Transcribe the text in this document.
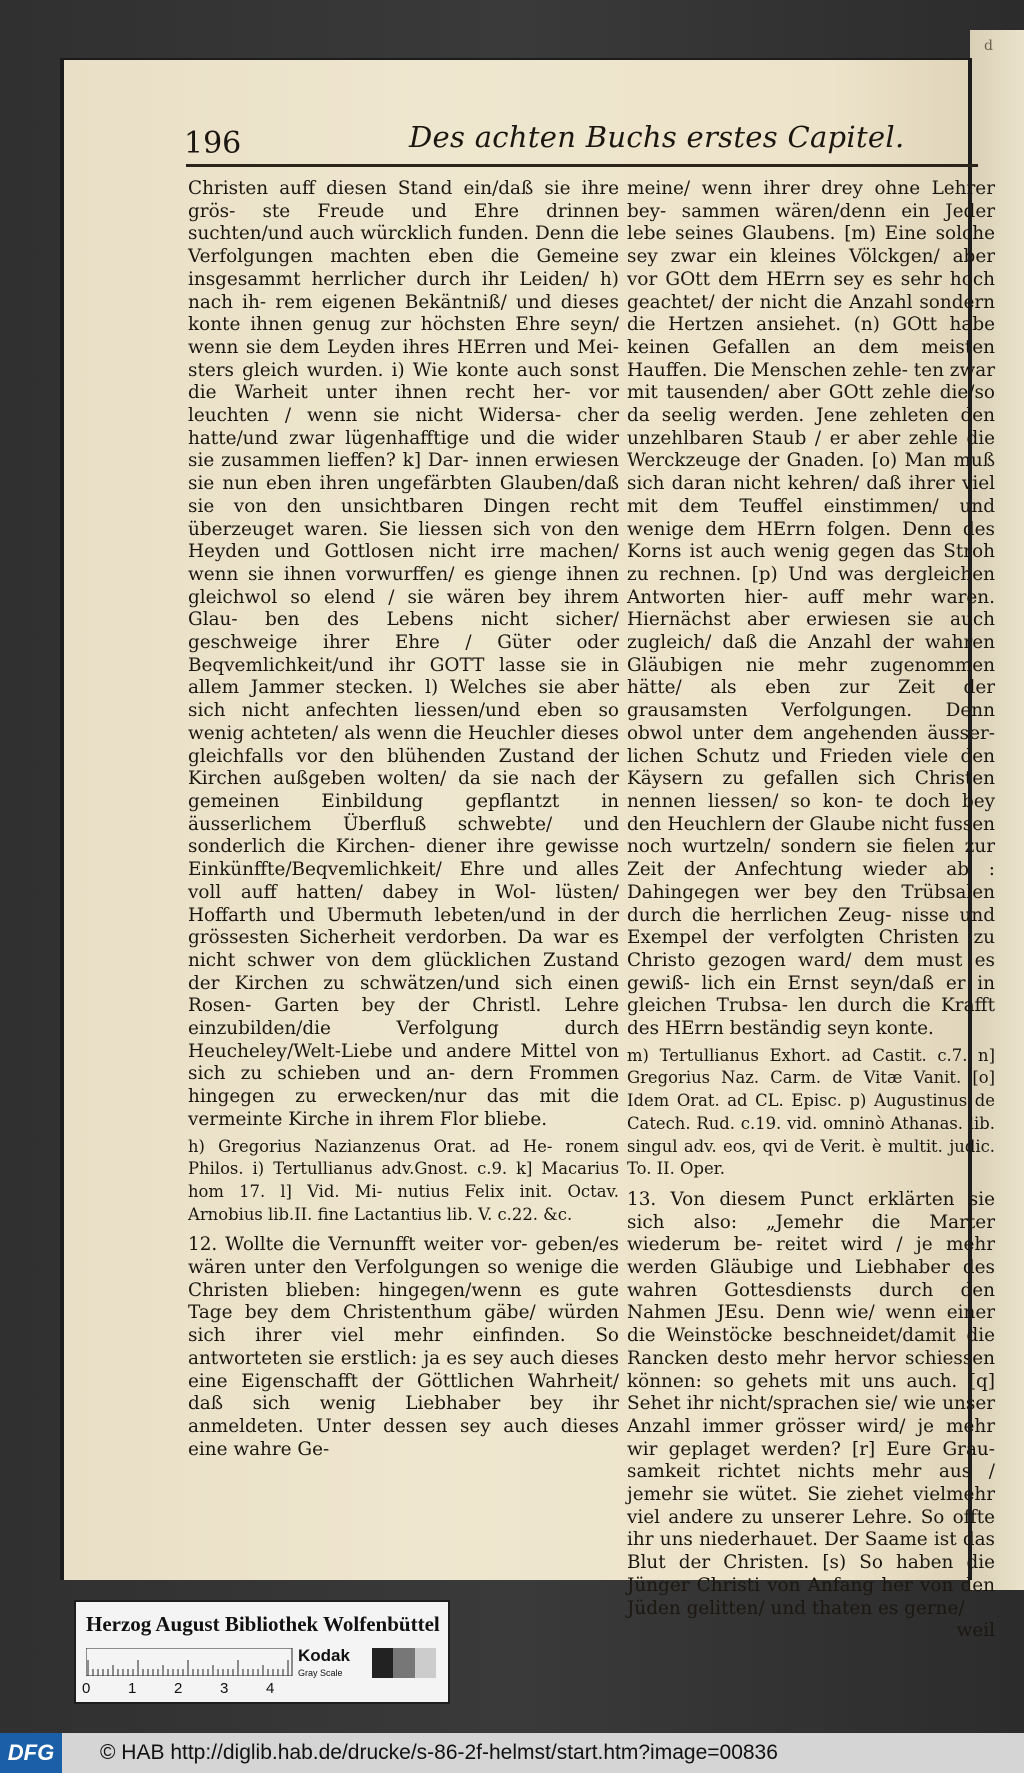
d
196	Des achten Buchs erstes Capitel.

Christen auff diesen Stand ein/daß sie ihre grös- ste Freude und Ehre drinnen suchten/und auch würcklich funden. Denn die Verfolgungen machten eben die Gemeine insgesammt herrlicher durch ihr Leiden/ h) nach ih- rem eigenen Bekäntniß/ und dieses konte ihnen genug zur höchsten Ehre seyn/ wenn sie dem Leyden ihres HErren und Mei- sters gleich wurden. i) Wie konte auch sonst die Warheit unter ihnen recht her- vor leuchten / wenn sie nicht Widersa- cher hatte/und zwar lügenhafftige und die wider sie zusammen lieffen? k] Dar- innen erwiesen sie nun eben ihren ungefärbten Glauben/daß sie von den unsichtbaren Dingen recht überzeuget waren. Sie liessen sich von den Heyden und Gottlosen nicht irre machen/ wenn sie ihnen vorwurffen/ es gienge ihnen gleichwol so elend / sie wären bey ihrem Glau- ben des Lebens nicht sicher/ geschweige ihrer Ehre / Güter oder Beqvemlichkeit/und ihr GOTT lasse sie in allem Jammer stecken. l) Welches sie aber sich nicht anfechten liessen/und eben so wenig achteten/ als wenn die Heuchler dieses gleichfalls vor den blühenden Zustand der Kirchen außgeben wolten/ da sie nach der gemeinen Einbildung gepflantzt in äusserlichem Überfluß schwebte/ und sonderlich die Kirchen- diener ihre gewisse Einkünffte/Beqvemlichkeit/ Ehre und alles voll auff hatten/ dabey in Wol- lüsten/ Hoffarth und Ubermuth lebeten/und in der grössesten Sicherheit verdorben. Da war es nicht schwer von dem glücklichen Zustand der Kirchen zu schwätzen/und sich einen Rosen- Garten bey der Christl. Lehre einzubilden/die Verfolgung durch Heucheley/Welt-Liebe und andere Mittel von sich zu schieben und an- dern Frommen hingegen zu erwecken/nur das mit die vermeinte Kirche in ihrem Flor bliebe.

h) Gregorius Nazianzenus Orat. ad He- ronem Philos. i) Tertullianus adv.Gnost. c.9. k] Macarius hom 17. l] Vid. Mi- nutius Felix init. Octav. Arnobius lib.II. fine Lactantius lib. V. c.22. &c.

12. Wollte die Vernunfft weiter vor- geben/es wären unter den Verfolgungen so wenige die Christen blieben: hingegen/wenn es gute Tage bey dem Christenthum gäbe/ würden sich ihrer viel mehr einfinden. So antworteten sie erstlich: ja es sey auch dieses eine Eigenschafft der Göttlichen Wahrheit/ daß sich wenig Liebhaber bey ihr anmeldeten. Unter dessen sey auch dieses eine wahre Ge-

meine/ wenn ihrer drey ohne Lehrer bey- sammen wären/denn ein Jeder lebe seines Glaubens. [m) Eine solche sey zwar ein kleines Völckgen/ aber vor GOtt dem HErrn sey es sehr hoch geachtet/ der nicht die Anzahl sondern die Hertzen ansiehet. (n) GOtt habe keinen Gefallen an dem meisten Hauffen. Die Menschen zehle- ten zwar mit tausenden/ aber GOtt zehle die/so da seelig werden. Jene zehleten den unzehlbaren Staub / er aber zehle die Werckzeuge der Gnaden. [o) Man muß sich daran nicht kehren/ daß ihrer viel mit dem Teuffel einstimmen/ und wenige dem HErrn folgen. Denn des Korns ist auch wenig gegen das Stroh zu rechnen. [p) Und was dergleichen Antworten hier- auff mehr waren. Hiernächst aber erwiesen sie auch zugleich/ daß die Anzahl der wahren Gläubigen nie mehr zugenommen hätte/ als eben zur Zeit der grausamsten Verfolgungen. Denn obwol unter dem angehenden äusser- lichen Schutz und Frieden viele den Käysern zu gefallen sich Christen nennen liessen/ so kon- te doch bey den Heuchlern der Glaube nicht fussen noch wurtzeln/ sondern sie fielen zur Zeit der Anfechtung wieder ab : Dahingegen wer bey den Trübsalen durch die herrlichen Zeug- nisse und Exempel der verfolgten Christen zu Christo gezogen ward/ dem must es gewiß- lich ein Ernst seyn/daß er in gleichen Trubsa- len durch die Krafft des HErrn beständig seyn konte.

m) Tertullianus Exhort. ad Castit. c.7. n] Gregorius Naz. Carm. de Vitæ Vanit. [o] Idem Orat. ad CL. Episc. p) Augustinus de Catech. Rud. c.19. vid. omninò Athanas. lib. singul adv. eos, qvi de Verit. è multit. judic. To. II. Oper.

13. Von diesem Punct erklärten sie sich also: „Jemehr die Marter wiederum be- reitet wird / je mehr werden Gläubige und Liebhaber des wahren Gottesdiensts durch den Nahmen JEsu. Denn wie/ wenn einer die Weinstöcke beschneidet/damit die Rancken desto mehr hervor schiessen können: so gehets mit uns auch. [q] Sehet ihr nicht/sprachen sie/ wie unser Anzahl immer grösser wird/ je mehr wir geplaget werden? [r] Eure Grau- samkeit richtet nichts mehr aus / jemehr sie wütet. Sie ziehet vielmehr viel andere zu unserer Lehre. So offte ihr uns niederhauet. Der Saame ist das Blut der Christen. [s) So haben die Jünger Christi von Anfang her von den Jüden gelitten/ und thaten es gerne/

weil

Herzog August Bibliothek Wolfenbüttel
Kodak
Gray Scale
0	1	2	3	4
DFG	© HAB http://diglib.hab.de/drucke/s-86-2f-helmst/start.htm?image=00836
